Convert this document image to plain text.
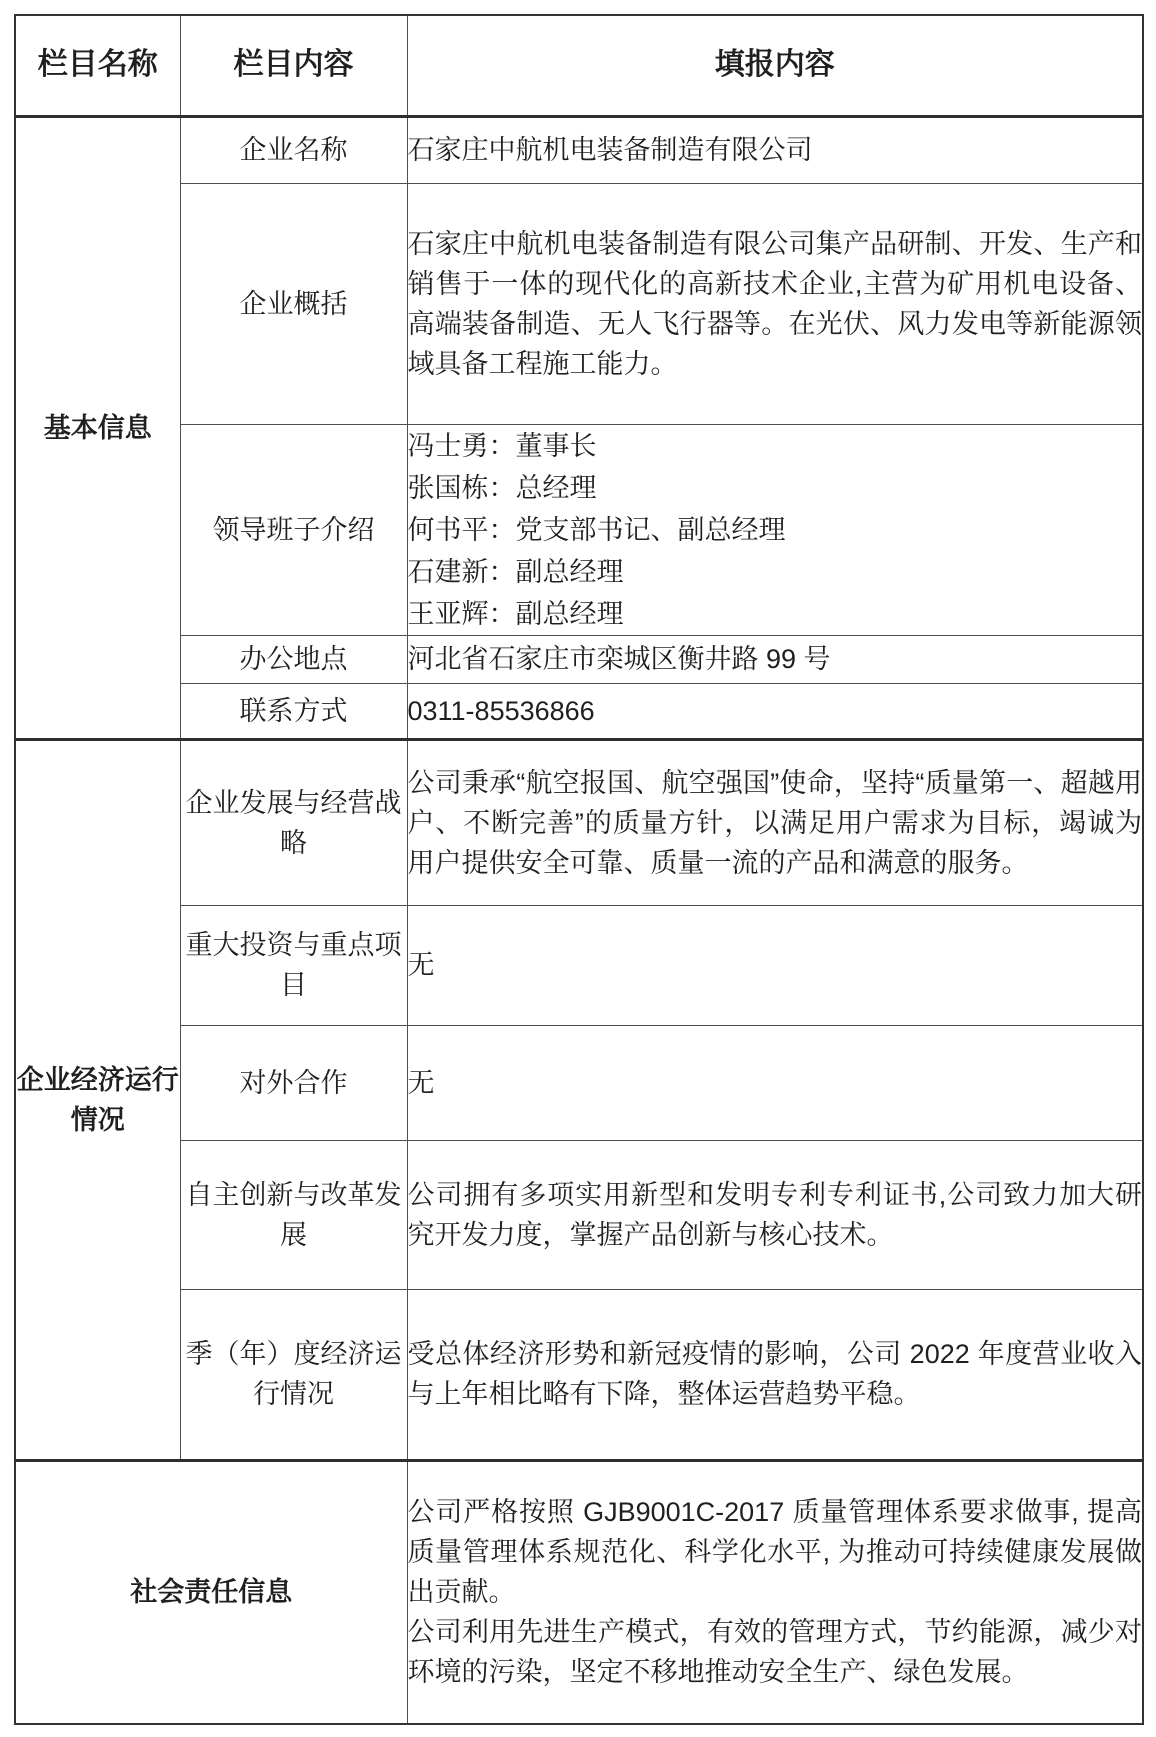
栏目名称	栏目内容	填报内容
基本信息	企业名称	石家庄中航机电装备制造有限公司
	企业概括	石家庄中航机电装备制造有限公司集产品研制、开发、生产和销售于一体的现代化的高新技术企业,主营为矿用机电设备、高端装备制造、无人飞行器等。在光伏、风力发电等新能源领域具备工程施工能力。
	领导班子介绍	冯士勇：董事长
张国栋：总经理
何书平：党支部书记、副总经理
石建新：副总经理
王亚辉：副总经理

	办公地点	河北省石家庄市栾城区衡井路 99 号
	联系方式	0311-85536866
企业经济运行情况	企业发展与经营战略	公司秉承“航空报国、航空强国”使命，坚持“质量第一、超越用户、不断完善”的质量方针，以满足用户需求为目标，竭诚为用户提供安全可靠、质量一流的产品和满意的服务。
	重大投资与重点项目	无
	对外合作	无
	自主创新与改革发展	公司拥有多项实用新型和发明专利专利证书,公司致力加大研究开发力度，掌握产品创新与核心技术。
	季（年）度经济运行情况	受总体经济形势和新冠疫情的影响，公司 2022 年度营业收入与上年相比略有下降，整体运营趋势平稳。
社会责任信息		公司严格按照 GJB9001C-2017 质量管理体系要求做事, 提高质量管理体系规范化、科学化水平, 为推动可持续健康发展做出贡献。
公司利用先进生产模式，有效的管理方式，节约能源，减少对环境的污染，坚定不移地推动安全生产、绿色发展。
